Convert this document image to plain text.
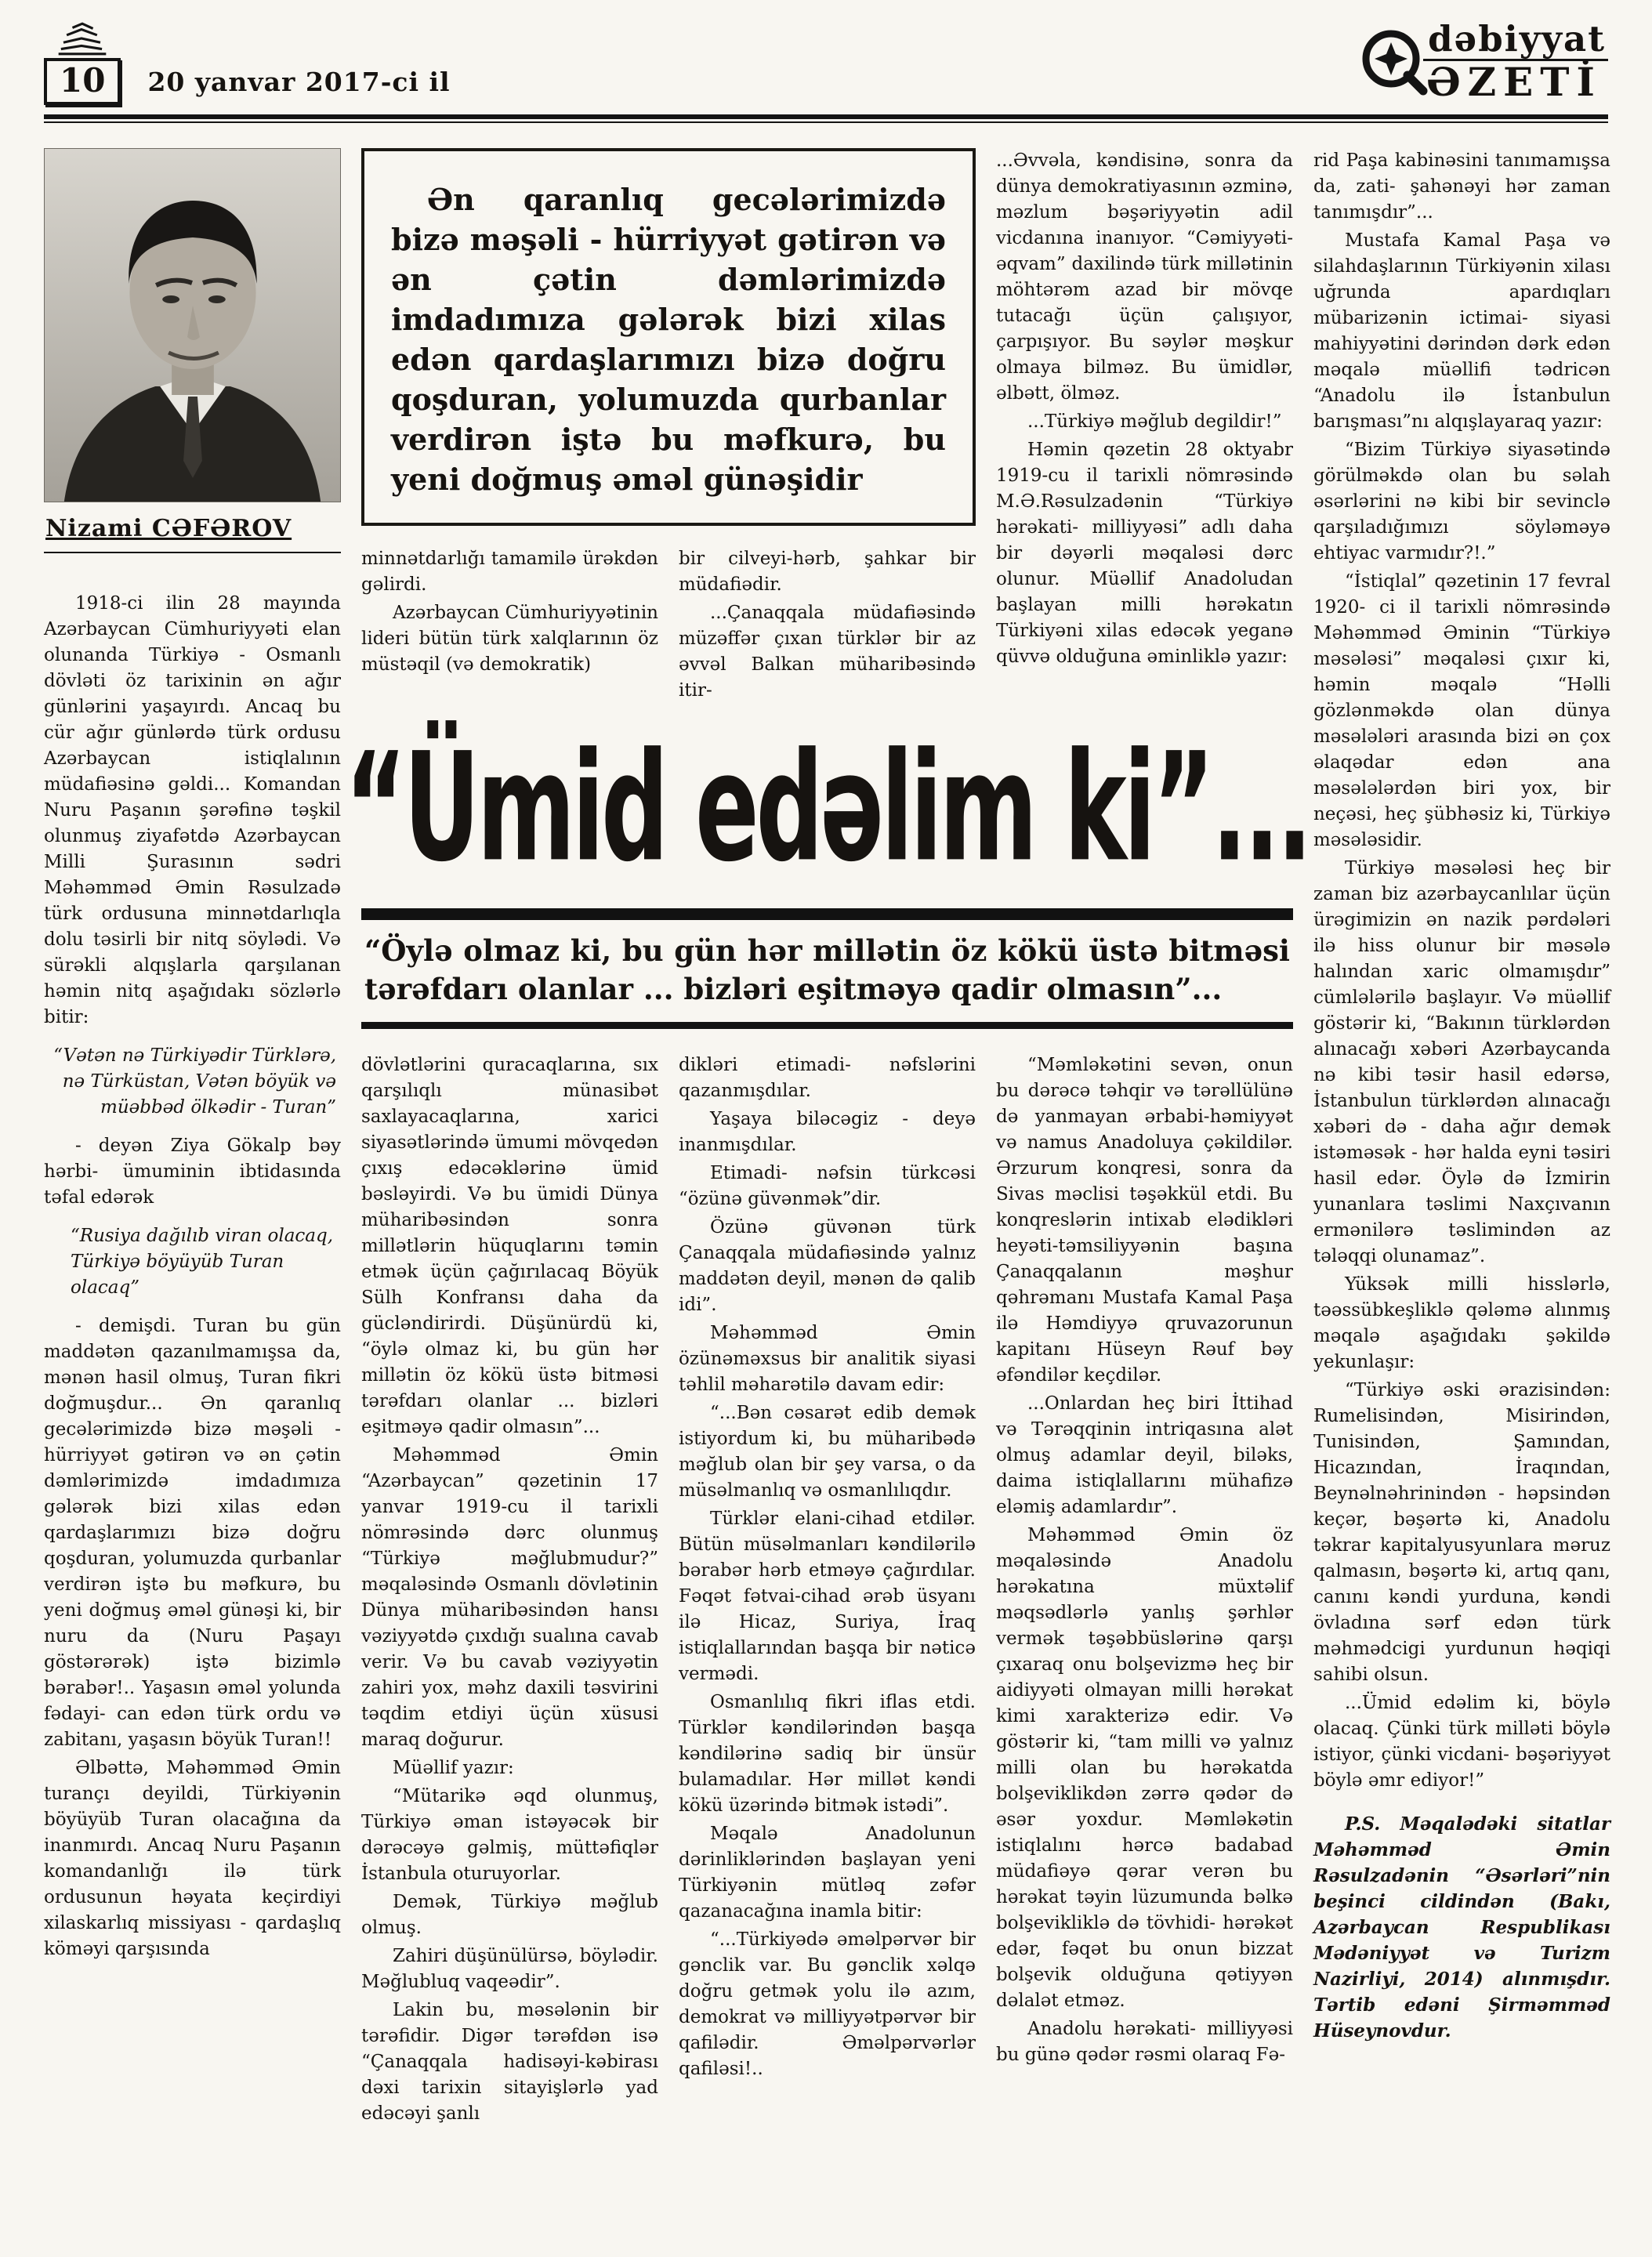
10	20 yanvar 2017-ci il
dəbiyyat
ƏZETİ
Nizami CƏFƏROV

1918-ci ilin 28 mayında Azərbaycan Cümhuriyyəti elan olunanda Türkiyə - Osmanlı dövləti öz tarixinin ən ağır günlərini yaşayırdı. Ancaq bu cür ağır günlərdə türk ordusu Azərbaycan istiqlalının müdafiəsinə gəldi... Komandan Nuru Paşanın şərəfinə təşkil olunmuş ziyafətdə Azərbaycan Milli Şurasının sədri Məhəmməd Əmin Rəsulzadə türk ordusuna minnətdarlıqla dolu təsirli bir nitq söylədi. Və sürəkli alqışlarla qarşılanan həmin nitq aşağıdakı sözlərlə bitir:

“Vətən nə Türkiyədir Türklərə, nə Türküstan, Vətən böyük və müəbbəd ölkədir - Turan”

- deyən Ziya Gökalp bəy hərbi- ümuminin ibtidasında təfal edərək

“Rusiya dağılıb viran olacaq, Türkiyə böyüyüb Turan olacaq”

- demişdi. Turan bu gün maddətən qazanılmamışsa da, mənən hasil olmuş, Turan fikri doğmuşdur... Ən qaranlıq gecələrimizdə bizə məşəli - hürriyyət gətirən və ən çətin dəmlərimizdə imdadımıza gələrək bizi xilas edən qardaşlarımızı bizə doğru qoşduran, yolumuzda qurbanlar verdirən iştə bu məfkurə, bu yeni doğmuş əməl günəşi ki, bir nuru da (Nuru Paşayı göstərərək) iştə bizimlə bərabər!.. Yaşasın əməl yolunda fədayi- can edən türk ordu və zabitanı, yaşasın böyük Turan!!

Əlbəttə, Məhəmməd Əmin turançı deyildi, Türkiyənin böyüyüb Turan olacağına da inanmırdı. Ancaq Nuru Paşanın komandanlığı ilə türk ordusunun həyata keçirdiyi xilaskarlıq missiyası - qardaşlıq köməyi qarşısında

Ən qaranlıq gecələrimizdə bizə məşəli - hürriyyət gətirən və ən çətin dəmlərimizdə imdadımıza gələrək bizi xilas edən qardaşlarımızı bizə doğru qoşduran, yolumuzda qurbanlar verdirən iştə bu məfkurə, bu yeni doğmuş əməl günəşidir

...Əvvəla, kəndisinə, sonra da dünya demokratiyasının əzminə, məzlum bəşəriyyətin adil vicdanına inanıyor. “Cəmiyyəti-əqvam” daxilində türk millətinin möhtərəm azad bir mövqe tutacağı üçün çalışıyor, çarpışıyor. Bu səylər məşkur olmaya bilməz. Bu ümidlər, əlbətt, ölməz.

...Türkiyə məğlub degildir!”

Həmin qəzetin 28 oktyabr 1919-cu il tarixli nömrəsində M.Ə.Rəsulzadənin “Türkiyə hərəkati- milliyyəsi” adlı daha bir dəyərli məqaləsi dərc olunur. Müəllif Anadoludan başlayan milli hərəkatın Türkiyəni xilas edəcək yeganə qüvvə olduğuna əminliklə yazır:

minnətdarlığı tamamilə ürəkdən gəlirdi.

Azərbaycan Cümhuriyyətinin lideri bütün türk xalqlarının öz müstəqil (və demokratik)

bir cilveyi-hərb, şahkar bir müdafiədir.

...Çanaqqala müdafiəsində müzəffər çıxan türklər bir az əvvəl Balkan müharibəsində itir-

“Ümid edəlim ki”...

“Öylə olmaz ki, bu gün hər millətin öz kökü üstə bitməsi tərəfdarı olanlar ... bizləri eşitməyə qadir olmasın”...

dövlətlərini quracaqlarına, sıx qarşılıqlı münasibət saxlayacaqlarına, xarici siyasətlərində ümumi mövqedən çıxış edəcəklərinə ümid bəsləyirdi. Və bu ümidi Dünya müharibəsindən sonra millətlərin hüquqlarını təmin etmək üçün çağırılacaq Böyük Sülh Konfransı daha da gücləndirirdi. Düşünürdü ki, “öylə olmaz ki, bu gün hər millətin öz kökü üstə bitməsi tərəfdarı olanlar ... bizləri eşitməyə qadir olmasın”...

Məhəmməd Əmin “Azərbaycan” qəzetinin 17 yanvar 1919-cu il tarixli nömrəsində dərc olunmuş “Türkiyə məğlubmudur?” məqaləsində Osmanlı dövlətinin Dünya müharibəsindən hansı vəziyyətdə çıxdığı sualına cavab verir. Və bu cavab vəziyyətin zahiri yox, məhz daxili təsvirini təqdim etdiyi üçün xüsusi maraq doğurur.

Müəllif yazır:

“Mütarikə əqd olunmuş, Türkiyə əman istəyəcək bir dərəcəyə gəlmiş, müttəfiqlər İstanbula oturuyorlar.

Demək, Türkiyə məğlub olmuş.

Zahiri düşünülürsə, böylədir. Məğlubluq vaqeədir”.

Lakin bu, məsələnin bir tərəfidir. Digər tərəfdən isə “Çanaqqala hadisəyi-kəbirası dəxi tarixin sitayişlərlə yad edəcəyi şanlı

dikləri etimadi- nəfslərini qazanmışdılar.

Yaşaya biləcəgiz - deyə inanmışdılar.

Etimadi- nəfsin türkcəsi “özünə güvənmək”dir.

Özünə güvənən türk Çanaqqala müdafiəsində yalnız maddətən deyil, mənən də qalib idi”.

Məhəmməd Əmin özünəməxsus bir analitik siyasi təhlil məharətilə davam edir:

“...Bən cəsarət edib demək istiyordum ki, bu müharibədə məğlub olan bir şey varsa, o da müsəlmanlıq və osmanlılıqdır.

Türklər elani-cihad etdilər. Bütün müsəlmanları kəndilərilə bərabər hərb etməyə çağırdılar. Fəqət fətvai-cihad ərəb üsyanı ilə Hicaz, Suriya, İraq istiqlallarından başqa bir nəticə vermədi.

Osmanlılıq fikri iflas etdi. Türklər kəndilərindən başqa kəndilərinə sadiq bir ünsür bulamadılar. Hər millət kəndi kökü üzərində bitmək istədi”.

Məqalə Anadolunun dərinliklərindən başlayan yeni Türkiyənin mütləq zəfər qazanacağına inamla bitir:

“...Türkiyədə əməlpərvər bir gənclik var. Bu gənclik xəlqə doğru getmək yolu ilə azım, demokrat və milliyyətpərvər bir qafilədir. Əməlpərvərlər qafiləsi!..

“Məmləkətini sevən, onun bu dərəcə təhqir və tərəllülünə də yanmayan ərbabi-həmiyyət və namus Anadoluya çəkildilər. Ərzurum konqresi, sonra da Sivas məclisi təşəkkül etdi. Bu konqreslərin intixab elədikləri heyəti-təmsiliyyənin başına Çanaqqalanın məşhur qəhrəmanı Mustafa Kamal Paşa ilə Həmdiyyə qruvazorunun kapitanı Hüseyn Rəuf bəy əfəndilər keçdilər.

...Onlardan heç biri İttihad və Tərəqqinin intriqasına alət olmuş adamlar deyil, biləks, daima istiqlallarını mühafizə eləmiş adamlardır”.

Məhəmməd Əmin öz məqaləsində Anadolu hərəkatına müxtəlif məqsədlərlə yanlış şərhlər vermək təşəbbüslərinə qarşı çıxaraq onu bolşevizmə heç bir aidiyyəti olmayan milli hərəkat kimi xarakterizə edir. Və göstərir ki, “tam milli və yalnız milli olan bu hərəkatda bolşeviklikdən zərrə qədər də əsər yoxdur. Məmləkətin istiqlalını hərcə badabad müdafiəyə qərar verən bu hərəkat təyin lüzumunda bəlkə bolşevikliklə də tövhidi- hərəkət edər, fəqət bu onun bizzat bolşevik olduğuna qətiyyən dəlalət etməz.

Anadolu hərəkati- milliyyəsi bu günə qədər rəsmi olaraq Fə-

rid Paşa kabinəsini tanımamışsa da, zati- şahənəyi hər zaman tanımışdır”...

Mustafa Kamal Paşa və silahdaşlarının Türkiyənin xilası uğrunda apardıqları mübarizənin ictimai- siyasi mahiyyətini dərindən dərk edən məqalə müəllifi tədricən “Anadolu ilə İstanbulun barışması”nı alqışlayaraq yazır:

“Bizim Türkiyə siyasətində görülməkdə olan bu səlah əsərlərini nə kibi bir sevinclə qarşıladığımızı söyləməyə ehtiyac varmıdır?!.”

“İstiqlal” qəzetinin 17 fevral 1920- ci il tarixli nömrəsində Məhəmməd Əminin “Türkiyə məsələsi” məqaləsi çıxır ki, həmin məqalə “Həlli gözlənməkdə olan dünya məsələləri arasında bizi ən çox əlaqədar edən ana məsələlərdən biri yox, bir neçəsi, heç şübhəsiz ki, Türkiyə məsələsidir.

Türkiyə məsələsi heç bir zaman biz azərbaycanlılar üçün ürəgimizin ən nazik pərdələri ilə hiss olunur bir məsələ halından xaric olmamışdır” cümlələrilə başlayır. Və müəllif göstərir ki, “Bakının türklərdən alınacağı xəbəri Azərbaycanda nə kibi təsir hasil edərsə, İstanbulun türklərdən alınacağı xəbəri də - daha ağır demək istəməsək - hər halda eyni təsiri hasil edər. Öylə də İzmirin yunanlara təslimi Naxçıvanın ermənilərə təslimindən az tələqqi olunamaz”.

Yüksək milli hisslərlə, təəssübkeşliklə qələmə alınmış məqalə aşağıdakı şəkildə yekunlaşır:

“Türkiyə əski ərazisindən: Rumelisindən, Misirindən, Tunisindən, Şamından, Hicazından, İraqından, Beynəlnəhrinindən - həpsindən keçər, bəşərtə ki, Anadolu təkrar kapitalyusyunlara məruz qalmasın, bəşərtə ki, artıq qanı, canını kəndi yurduna, kəndi övladına sərf edən türk məhmədcigi yurdunun həqiqi sahibi olsun.

...Ümid edəlim ki, böylə olacaq. Çünki türk milləti böylə istiyor, çünki vicdani- bəşəriyyət böylə əmr ediyor!”

P.S. Məqalədəki sitatlar Məhəmməd Əmin Rəsulzadənin “Əsərləri”nin beşinci cildindən (Bakı, Azərbaycan Respublikası Mədəniyyət və Turizm Nazirliyi, 2014) alınmışdır. Tərtib edəni Şirməmməd Hüseynovdur.
